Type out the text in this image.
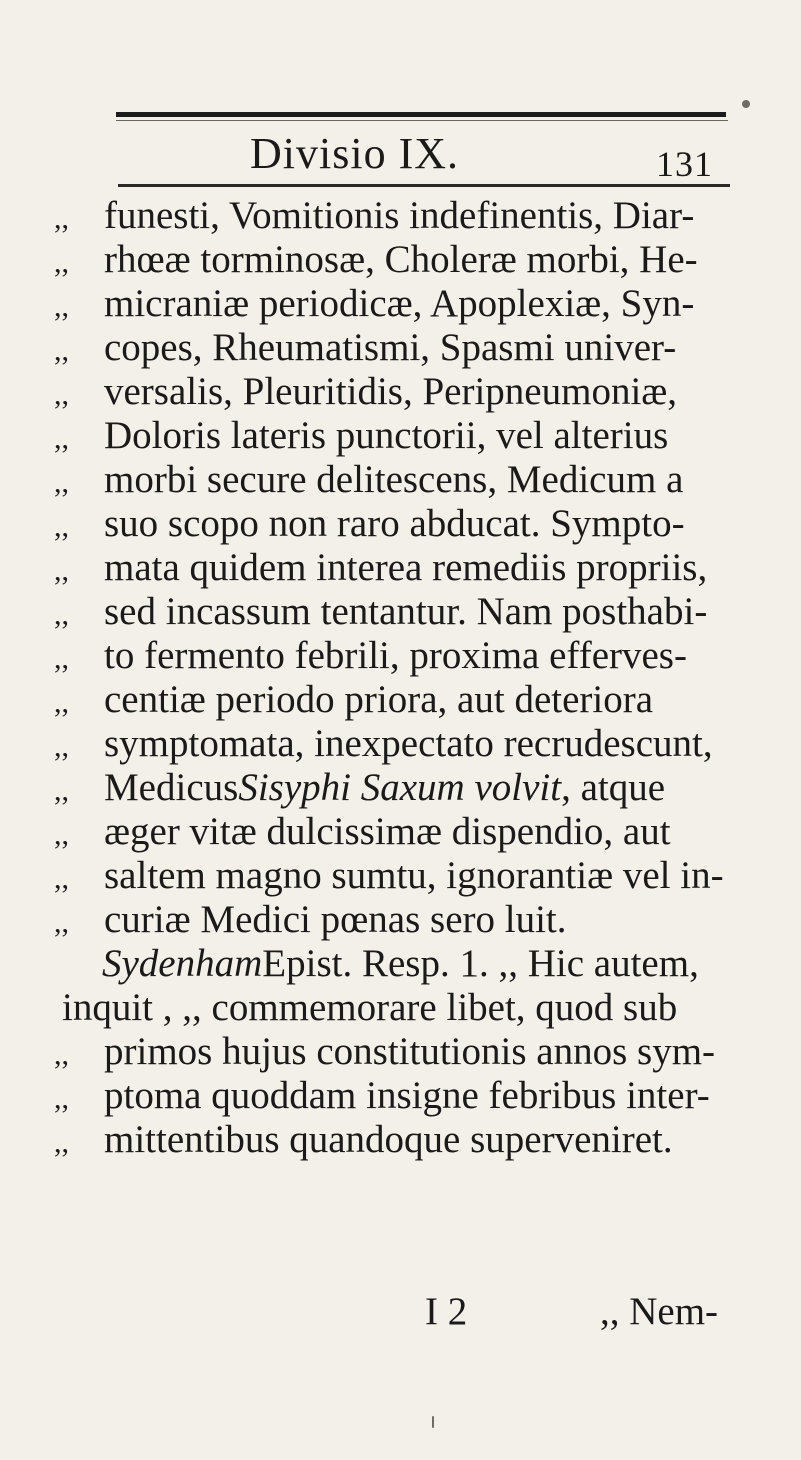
Divisio IX.	131
,, funesti, Vomitionis indefinentis, Diar-
,, rhœæ torminosæ, Choleræ morbi, He-
,, micraniæ periodicæ, Apoplexiæ, Syn-
,, copes, Rheumatismi, Spasmi univer-
,, versalis, Pleuritidis, Peripneumoniæ,
,, Doloris lateris punctorii, vel alterius
,, morbi secure delitescens, Medicum a
,, suo scopo non raro abducat. Sympto-
,, mata quidem interea remediis propriis,
,, sed incassum tentantur. Nam posthabi-
,, to fermento febrili, proxima efferves-
,, centiæ periodo priora, aut deteriora
,, symptomata, inexpectato recrudescunt,
,, MedicusSisyphi Saxum volvit, atque
,, æger vitæ dulcissimæ dispendio, aut
,, saltem magno sumtu, ignorantiæ vel in-
,, curiæ Medici pœnas sero luit.
SydenhamEpist. Resp. 1. ,, Hic autem,
inquit , ,, commemorare libet, quod sub
,, primos hujus constitutionis annos sym-
,, ptoma quoddam insigne febribus inter-
,, mittentibus quandoque superveniret.
I 2	,, Nem-
